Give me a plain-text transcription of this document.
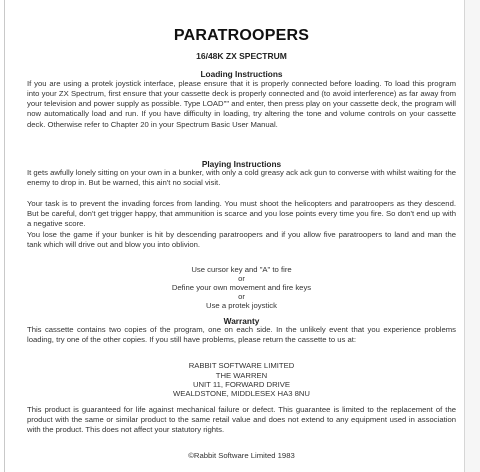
PARATROOPERS
16/48K ZX SPECTRUM
Loading Instructions
If you are using a protek joystick interface, please ensure that it is properly connected before loading. To load this program into your ZX Spectrum, first ensure that your cassette deck is properly connected and (to avoid interference) as far away from your television and power supply as possible. Type LOAD"" and enter, then press play on your cassette deck, the program will now automatically load and run. If you have difficulty in loading, try altering the tone and volume controls on your cassette deck. Otherwise refer to Chapter 20 in your Spectrum Basic User Manual.
Playing Instructions
It gets awfully lonely sitting on your own in a bunker, with only a cold greasy ack ack gun to converse with whilst waiting for the enemy to drop in. But be warned, this ain't no social visit.
Your task is to prevent the invading forces from landing. You must shoot the helicopters and paratroopers as they descend. But be careful, don't get trigger happy, that ammunition is scarce and you lose points every time you fire. So don't end up with a negative score.
You lose the game if your bunker is hit by descending paratroopers and if you allow five paratroopers to land and man the tank which will drive out and blow you into oblivion.
Use cursor key and "A" to fire
or
Define your own movement and fire keys
or
Use a protek joystick
Warranty
This cassette contains two copies of the program, one on each side. In the unlikely event that you experience problems loading, try one of the other copies. If you still have problems, please return the cassette to us at:
RABBIT SOFTWARE LIMITED
THE WARREN
UNIT 11, FORWARD DRIVE
WEALDSTONE, MIDDLESEX HA3 8NU
This product is guaranteed for life against mechanical failure or defect. This guarantee is limited to the replacement of the product with the same or similar product to the same retail value and does not extend to any equipment used in association with the product. This does not affect your statutory rights.
©Rabbit Software Limited 1983
